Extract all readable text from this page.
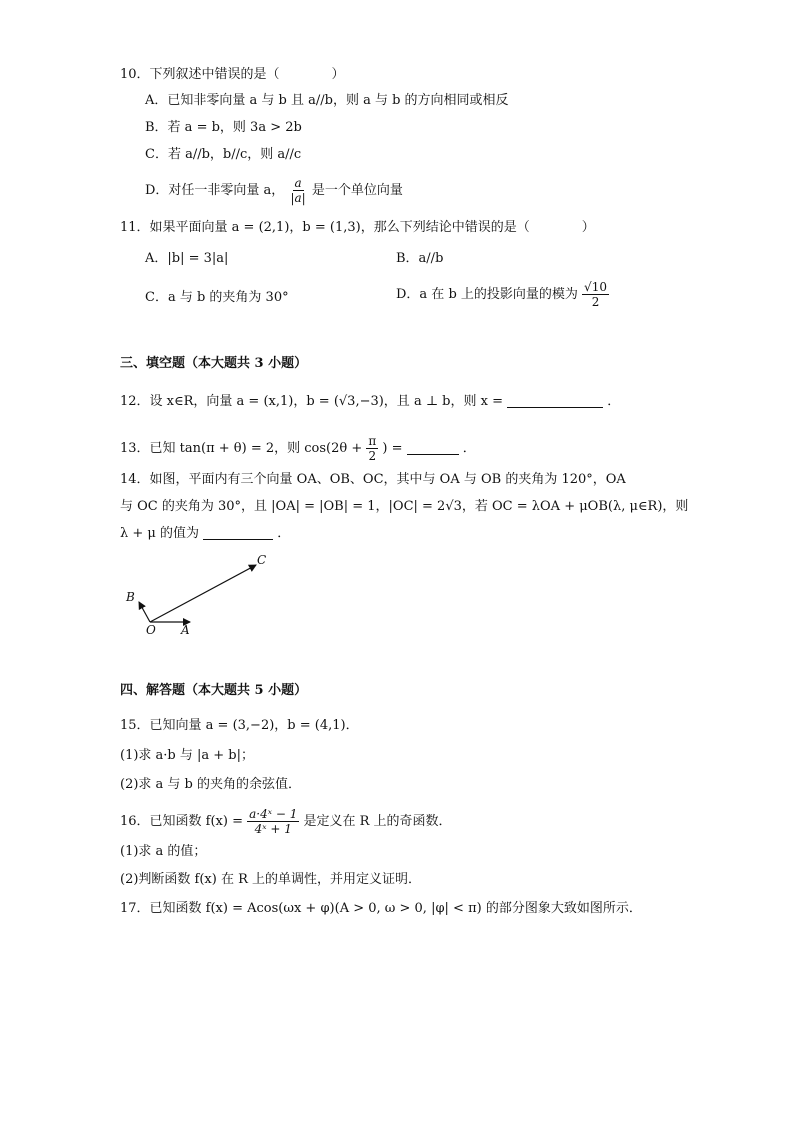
10．下列叙述中错误的是（　　　　）
A．已知非零向量 a 与 b 且 a//b，则 a 与 b 的方向相同或相反
B．若 a = b，则 3a > 2b
C．若 a//b，b//c，则 a//c
D．对任一非零向量 a， $\frac{a}{|a|}$ 是一个单位向量
11．如果平面向量 a = (2,1)，b = (1,3)，那么下列结论中错误的是（　　　　）
A．|b| = 3|a|	B．a//b
C．a 与 b 的夹角为 30°	D．a 在 b 上的投影向量的模为 $\frac{√10}{2}$
三、填空题（本大题共 3 小题）
12．设 x∈R，向量 a = (x,1)，b = (√3,−3)，且 a ⊥ b，则 x =	．
13．已知 tan(π + θ) = 2，则 $\cos(2\theta + \frac{\pi}{2}$ ) =	．
14．如图，平面内有三个向量 OA、OB、OC，其中与 OA 与 OB 的夹角为 120°，OA
与 OC 的夹角为 30°，且 |OA| = |OB| = 1，|OC| = 2√3，若 OC = λOA + μOB(λ, μ∈R)，则
λ + μ 的值为	．
O A
B
C
四、解答题（本大题共 5 小题）
15．已知向量 a = (3,−2)，b = (4,1)．
(1)求 a·b 与 |a + b|；
(2)求 a 与 b 的夹角的余弦值．
16．已知函数 $f(x) = \frac{\text{a·4ˣ − 1}}{\text{4ˣ + 1}}$ 是定义在 R 上的奇函数．
(1)求 a 的值；
(2)判断函数 f(x) 在 R 上的单调性，并用定义证明．
17．已知函数 f(x) = Acos(ωx + φ)(A > 0, ω > 0, |φ| < π) 的部分图象大致如图所示．
